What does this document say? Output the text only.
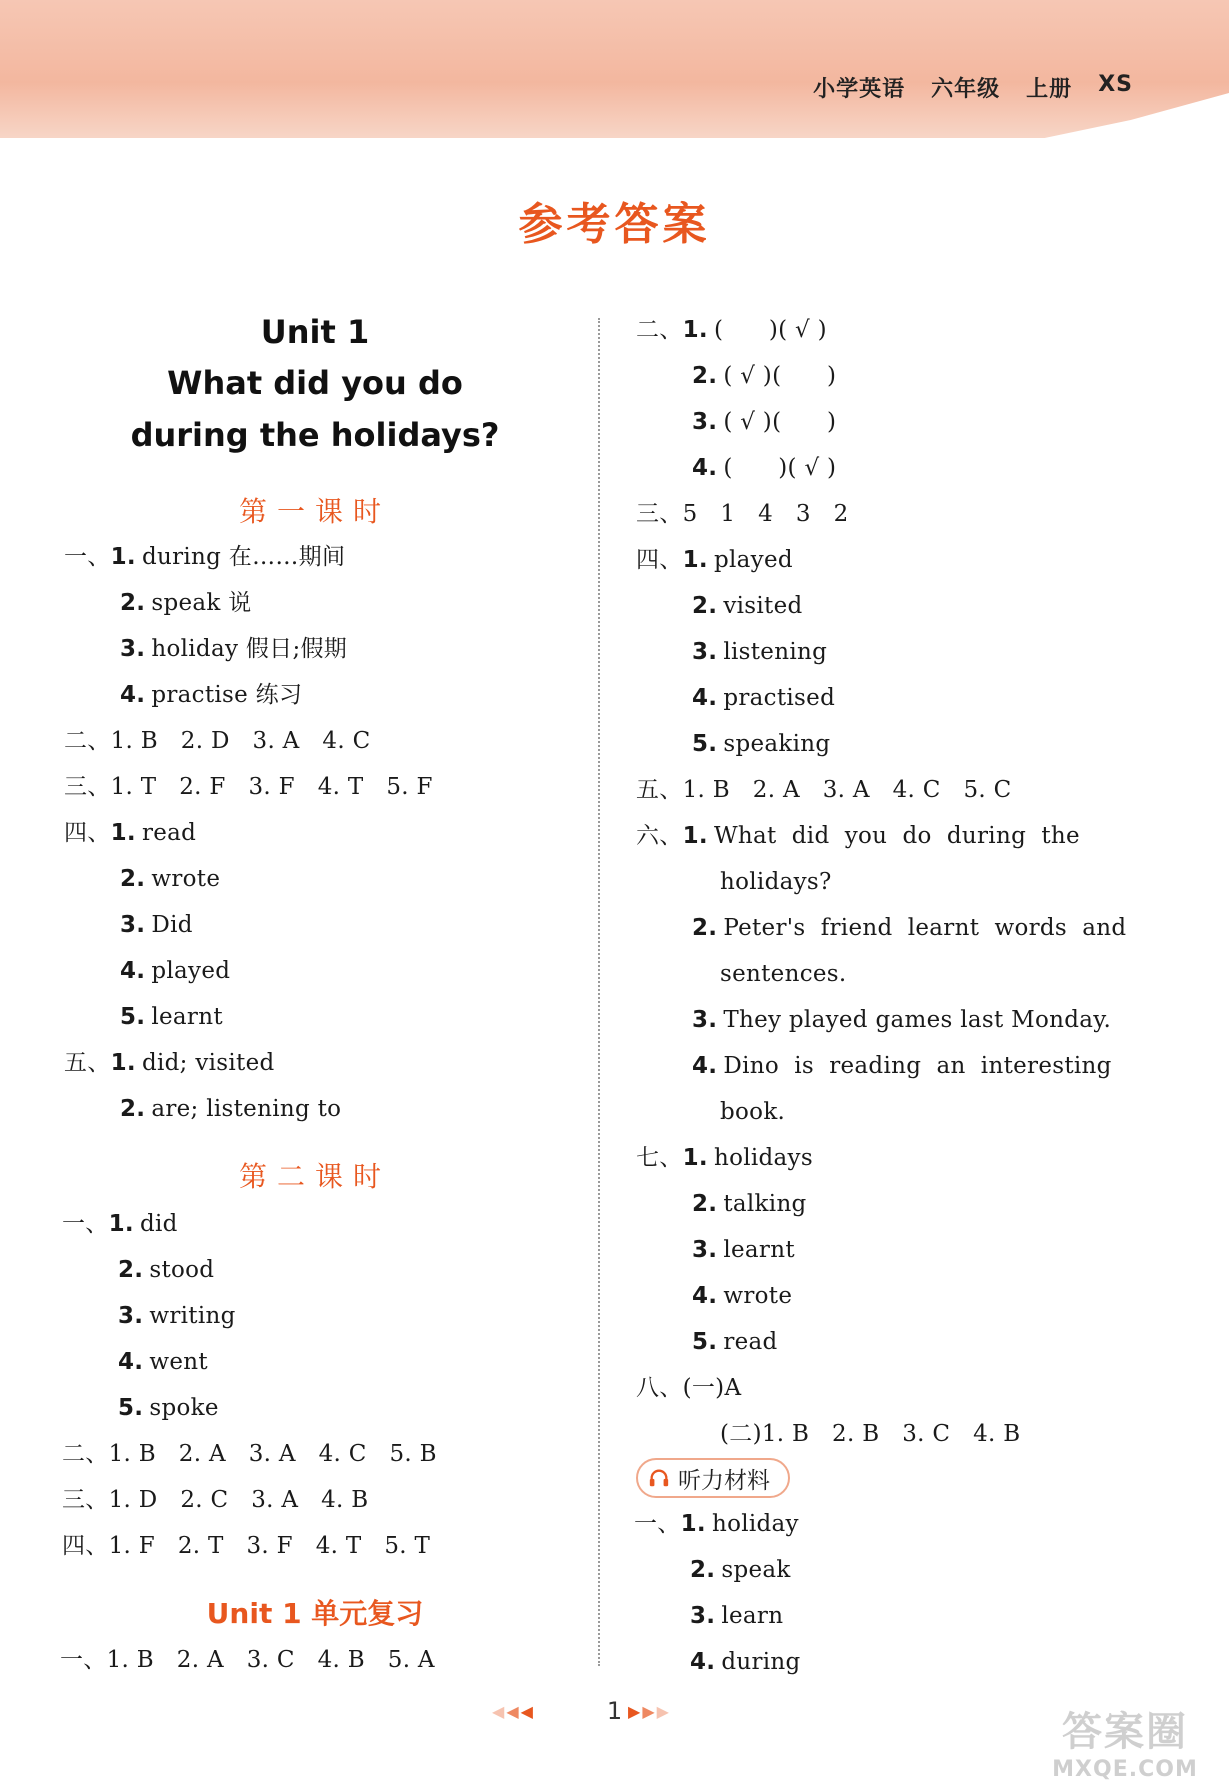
小学英语 六年级 上册 XS
参考答案
Unit 1
What did you do
during the holidays?
第一课时
一、1. during 在……期间
2. speak 说
3. holiday 假日;假期
4. practise 练习
二、1. B   2. D   3. A   4. C
三、1. T   2. F   3. F   4. T   5. F
四、1. read
2. wrote
3. Did
4. played
5. learnt
五、1. did; visited
2. are; listening to
第二课时
一、1. did
2. stood
3. writing
4. went
5. spoke
二、1. B   2. A   3. A   4. C   5. B
三、1. D   2. C   3. A   4. B
四、1. F   2. T   3. F   4. T   5. T
Unit 1 单元复习
一、1. B   2. A   3. C   4. B   5. A
二、1. (      )( √ )
2. ( √ )(      )
3. ( √ )(      )
4. (      )( √ )
三、5   1   4   3   2
四、1. played
2. visited
3. listening
4. practised
5. speaking
五、1. B   2. A   3. A   4. C   5. C
六、1. What  did  you  do  during  the
holidays?
2. Peter's  friend  learnt  words  and
sentences.
3. They played games last Monday.
4. Dino  is  reading  an  interesting
book.
七、1. holidays
2. talking
3. learnt
4. wrote
5. read
八、(一)A
(二)1. B   2. B   3. C   4. B
听力材料
一、1. holiday
2. speak
3. learn
4. during
◀◀◀	1 ▶▶▶	答案圈
MXQE.COM
